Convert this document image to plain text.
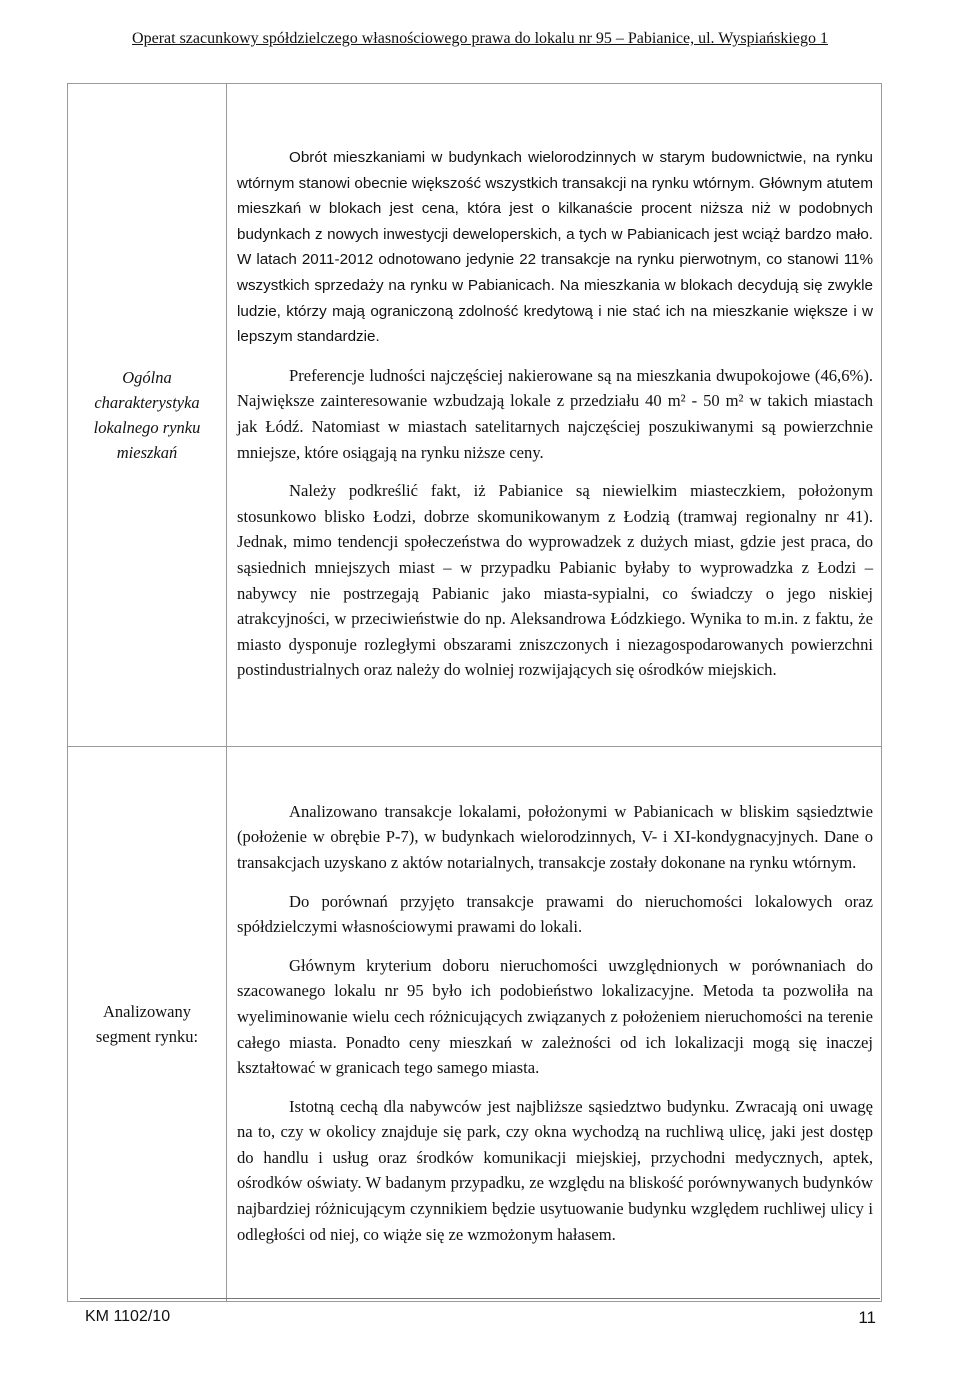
Operat szacunkowy spółdzielczego własnościowego prawa do lokalu nr 95 – Pabianice, ul. Wyspiańskiego 1
Ogólna charakterystyka lokalnego rynku mieszkań	Obrót mieszkaniami w budynkach wielorodzinnych w starym budownictwie, na rynku wtórnym stanowi obecnie większość wszystkich transakcji na rynku wtórnym. Głównym atutem mieszkań w blokach jest cena, która jest o kilkanaście procent niższa niż w podobnych budynkach z nowych inwestycji deweloperskich, a tych w Pabianicach jest wciąż bardzo mało. W latach 2011-2012 odnotowano jedynie 22 transakcje na rynku pierwotnym, co stanowi 11% wszystkich sprzedaży na rynku w Pabianicach. Na mieszkania w blokach decydują się zwykle ludzie, którzy mają ograniczoną zdolność kredytową i nie stać ich na mieszkanie większe i w lepszym standardzie.

Preferencje ludności najczęściej nakierowane są na mieszkania dwupokojowe (46,6%). Największe zainteresowanie wzbudzają lokale z przedziału 40 m² - 50 m² w takich miastach jak Łódź. Natomiast w miastach satelitarnych najczęściej poszukiwanymi są powierzchnie mniejsze, które osiągają na rynku niższe ceny.

Należy podkreślić fakt, iż Pabianice są niewielkim miasteczkiem, położonym stosunkowo blisko Łodzi, dobrze skomunikowanym z Łodzią (tramwaj regionalny nr 41). Jednak, mimo tendencji społeczeństwa do wyprowadzek z dużych miast, gdzie jest praca, do sąsiednich mniejszych miast – w przypadku Pabianic byłaby to wyprowadzka z Łodzi – nabywcy nie postrzegają Pabianic jako miasta-sypialni, co świadczy o jego niskiej atrakcyjności, w przeciwieństwie do np. Aleksandrowa Łódzkiego. Wynika to m.in. z faktu, że miasto dysponuje rozległymi obszarami zniszczonych i niezagospodarowanych powierzchni postindustrialnych oraz należy do wolniej rozwijających się ośrodków miejskich.

Analizowany segment rynku:	Analizowano transakcje lokalami, położonymi w Pabianicach w bliskim sąsiedztwie (położenie w obrębie P-7), w budynkach wielorodzinnych, V- i XI-kondygnacyjnych. Dane o transakcjach uzyskano z aktów notarialnych, transakcje zostały dokonane na rynku wtórnym.

Do porównań przyjęto transakcje prawami do nieruchomości lokalowych oraz spółdzielczymi własnościowymi prawami do lokali.

Głównym kryterium doboru nieruchomości uwzględnionych w porównaniach do szacowanego lokalu nr 95 było ich podobieństwo lokalizacyjne. Metoda ta pozwoliła na wyeliminowanie wielu cech różnicujących związanych z położeniem nieruchomości na terenie całego miasta. Ponadto ceny mieszkań w zależności od ich lokalizacji mogą się inaczej kształtować w granicach tego samego miasta.

Istotną cechą dla nabywców jest najbliższe sąsiedztwo budynku. Zwracają oni uwagę na to, czy w okolicy znajduje się park, czy okna wychodzą na ruchliwą ulicę, jaki jest dostęp do handlu i usług oraz środków komunikacji miejskiej, przychodni medycznych, aptek, ośrodków oświaty. W badanym przypadku, ze względu na bliskość porównywanych budynków najbardziej różnicującym czynnikiem będzie usytuowanie budynku względem ruchliwej ulicy i odległości od niej, co wiąże się ze wzmożonym hałasem.

KM 1102/10	11
